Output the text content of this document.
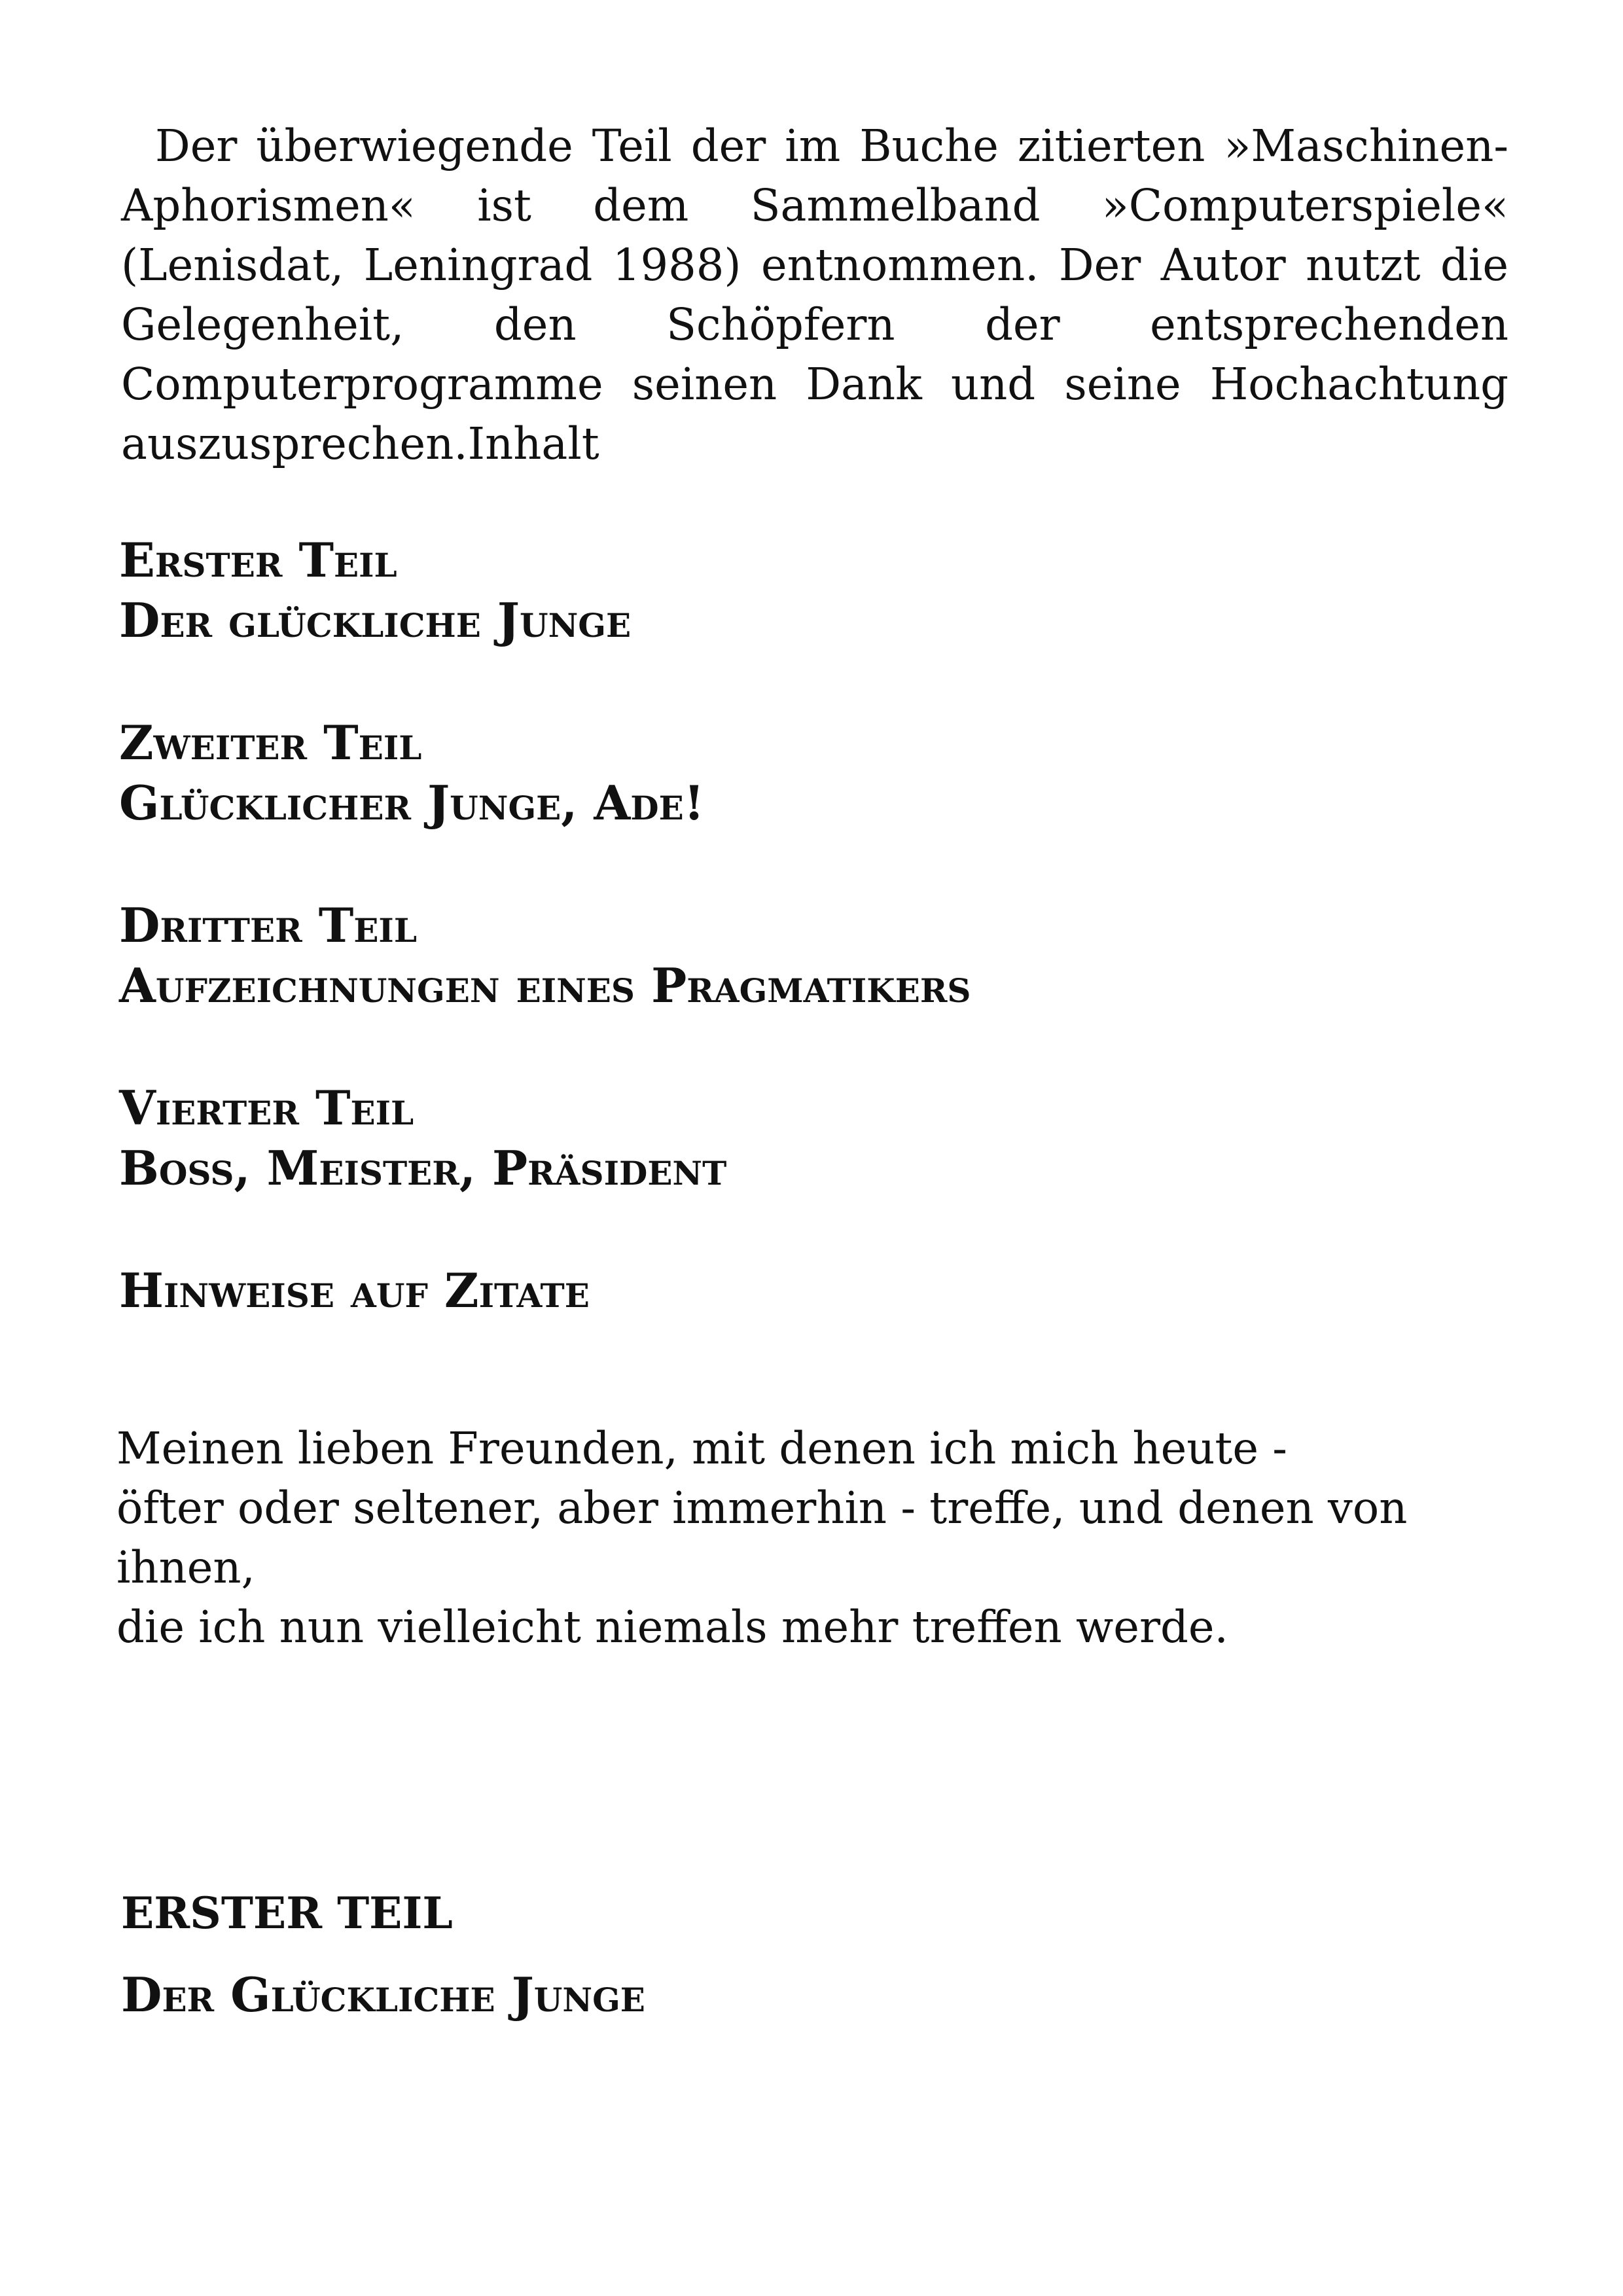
Der überwiegende Teil der im Buche zitierten »Maschinen-Aphorismen« ist dem Sammelband »Computerspiele« (Lenisdat, Leningrad 1988) entnommen. Der Autor nutzt die Gelegenheit, den Schöpfern der entsprechenden Computerprogramme seinen Dank und seine Hochachtung auszusprechen.Inhalt

Erster Teil
Der glückliche Junge
Zweiter Teil
Glücklicher Junge, Ade!
Dritter Teil
Aufzeichnungen eines Pragmatikers
Vierter Teil
Boss, Meister, Präsident
Hinweise auf Zitate

Meinen lieben Freunden, mit denen ich mich heute -
öfter oder seltener, aber immerhin - treffe, und denen von
ihnen,
die ich nun vielleicht niemals mehr treffen werde.

ERSTER TEIL
Der Glückliche Junge
